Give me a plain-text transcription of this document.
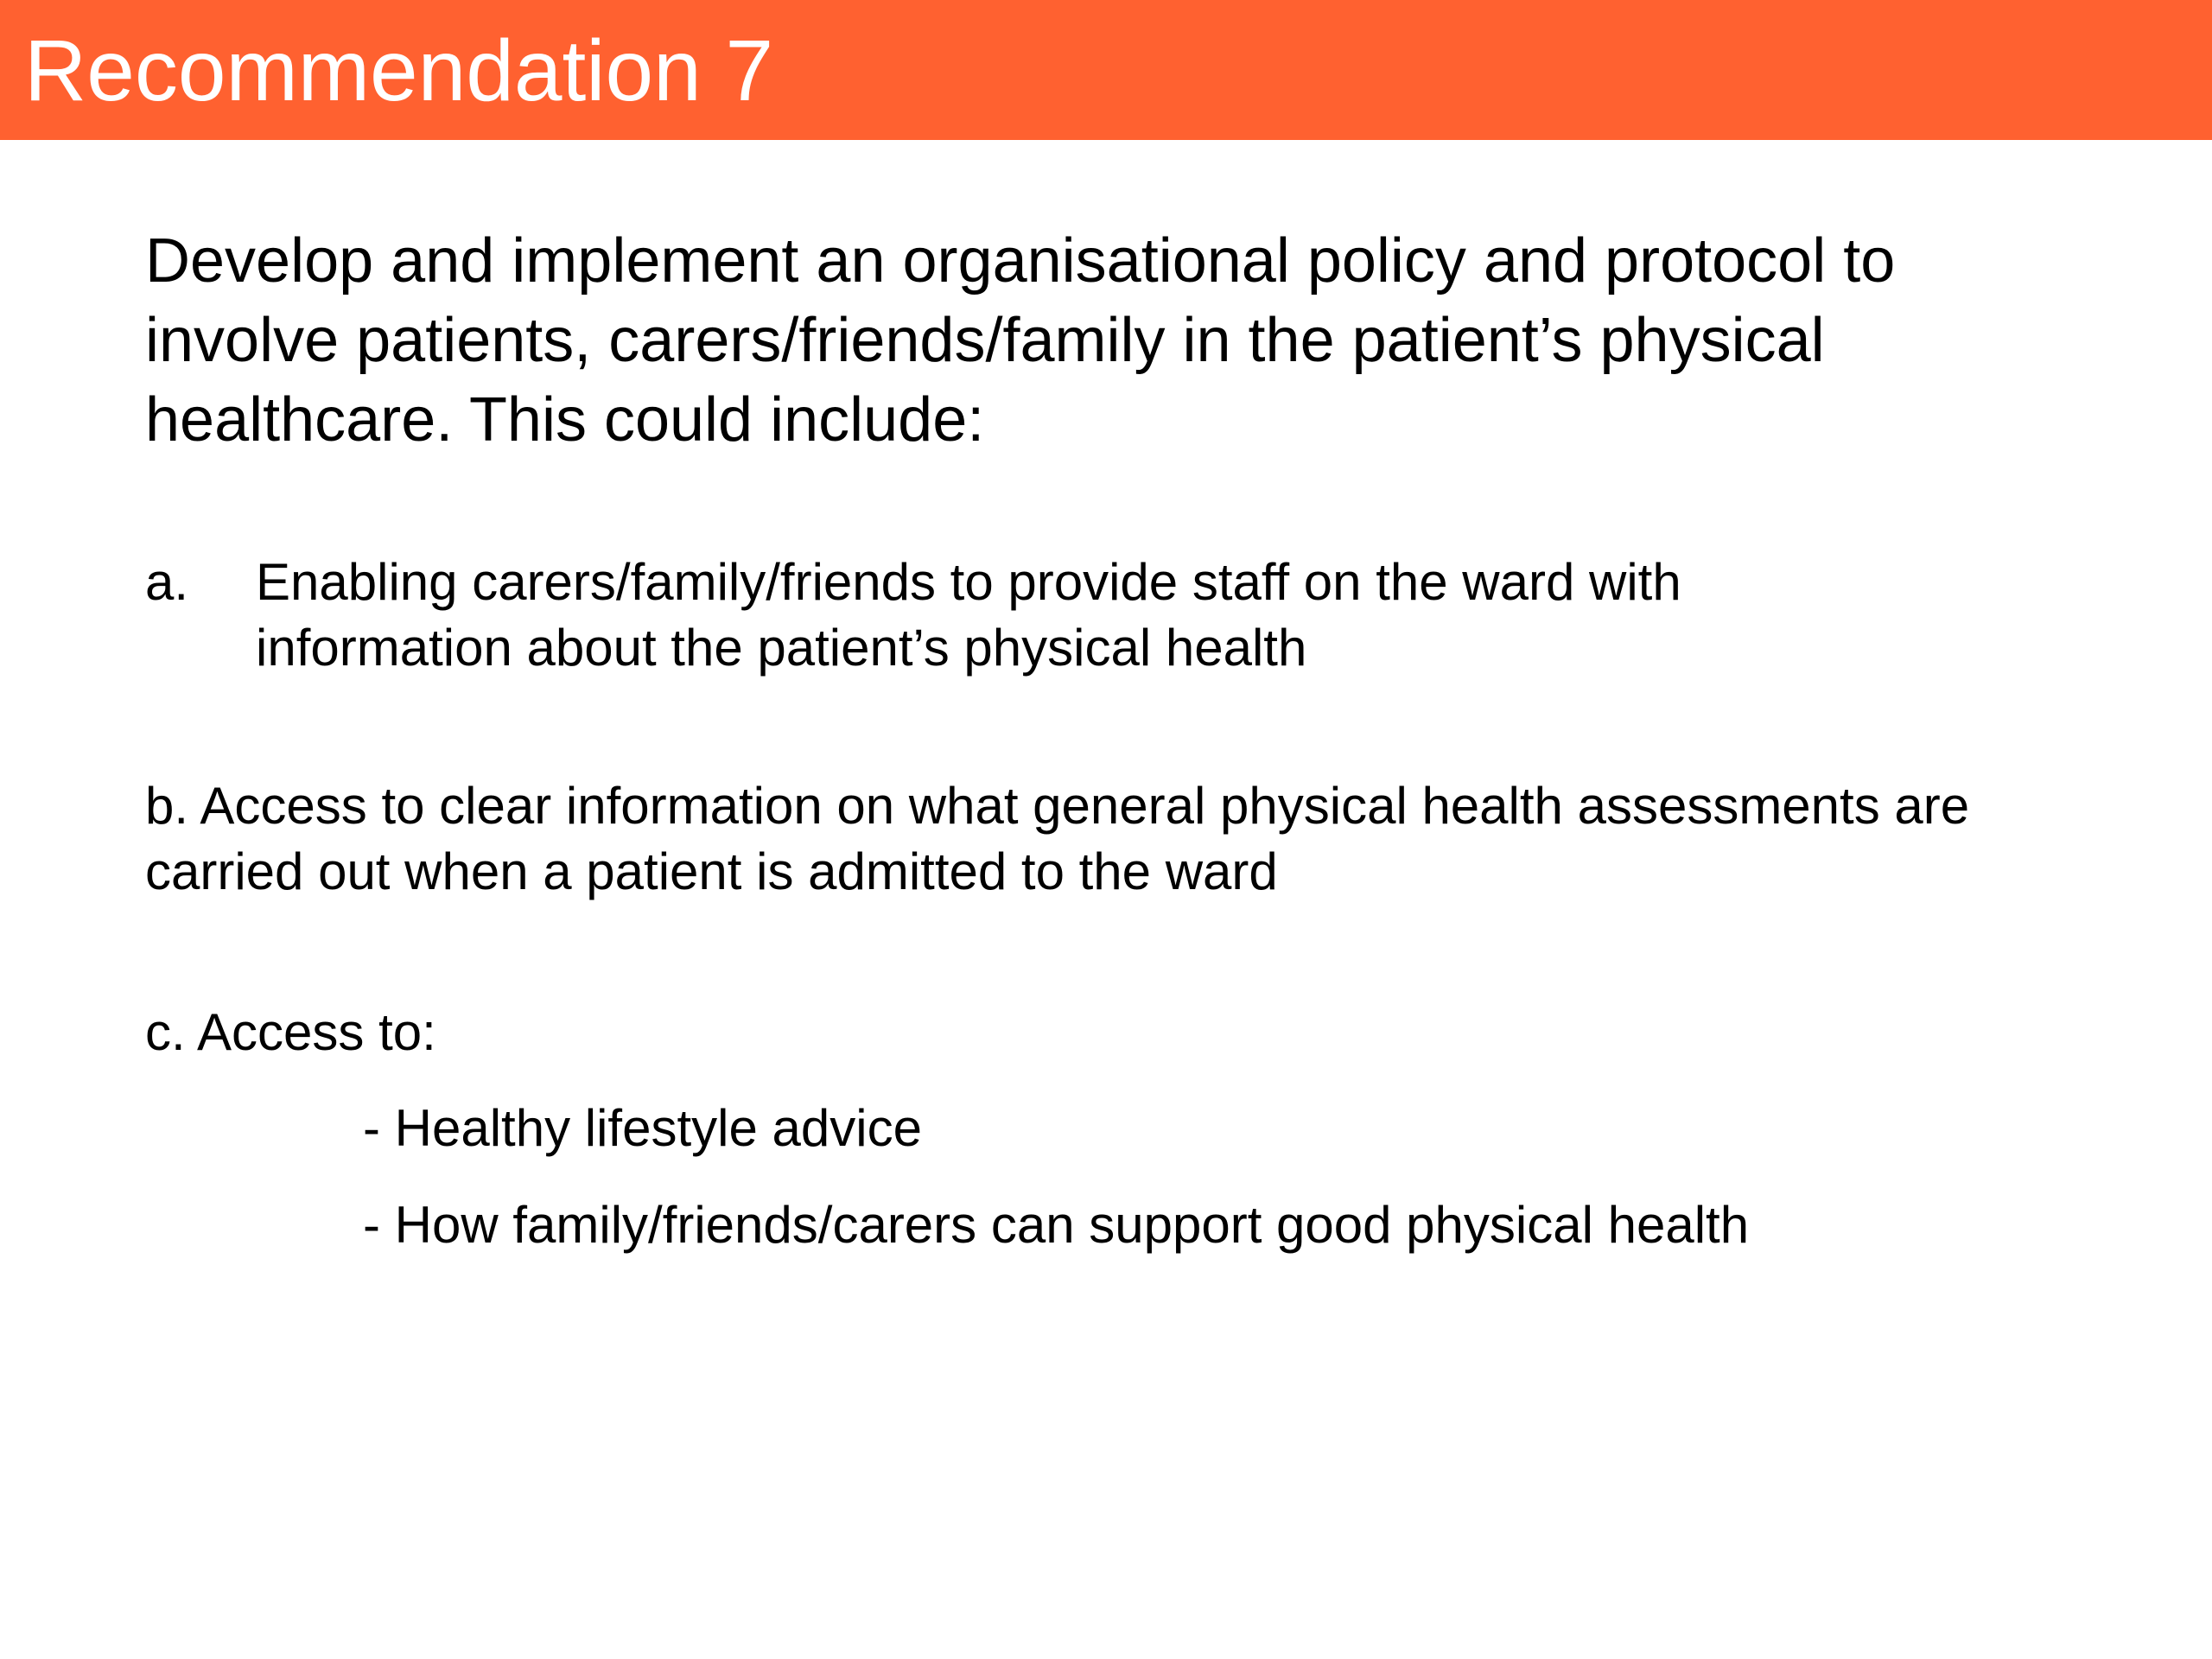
Recommendation 7
Develop and implement an organisational policy and protocol to
involve patients, carers/friends/family in the patient’s physical
healthcare. This could include:
a. Enabling carers/family/friends to provide staff on the ward with
information about the patient’s physical health
b. Access to clear information on what general physical health assessments are
carried out when a patient is admitted to the ward
c. Access to:
- Healthy lifestyle advice
- How family/friends/carers can support good physical health
